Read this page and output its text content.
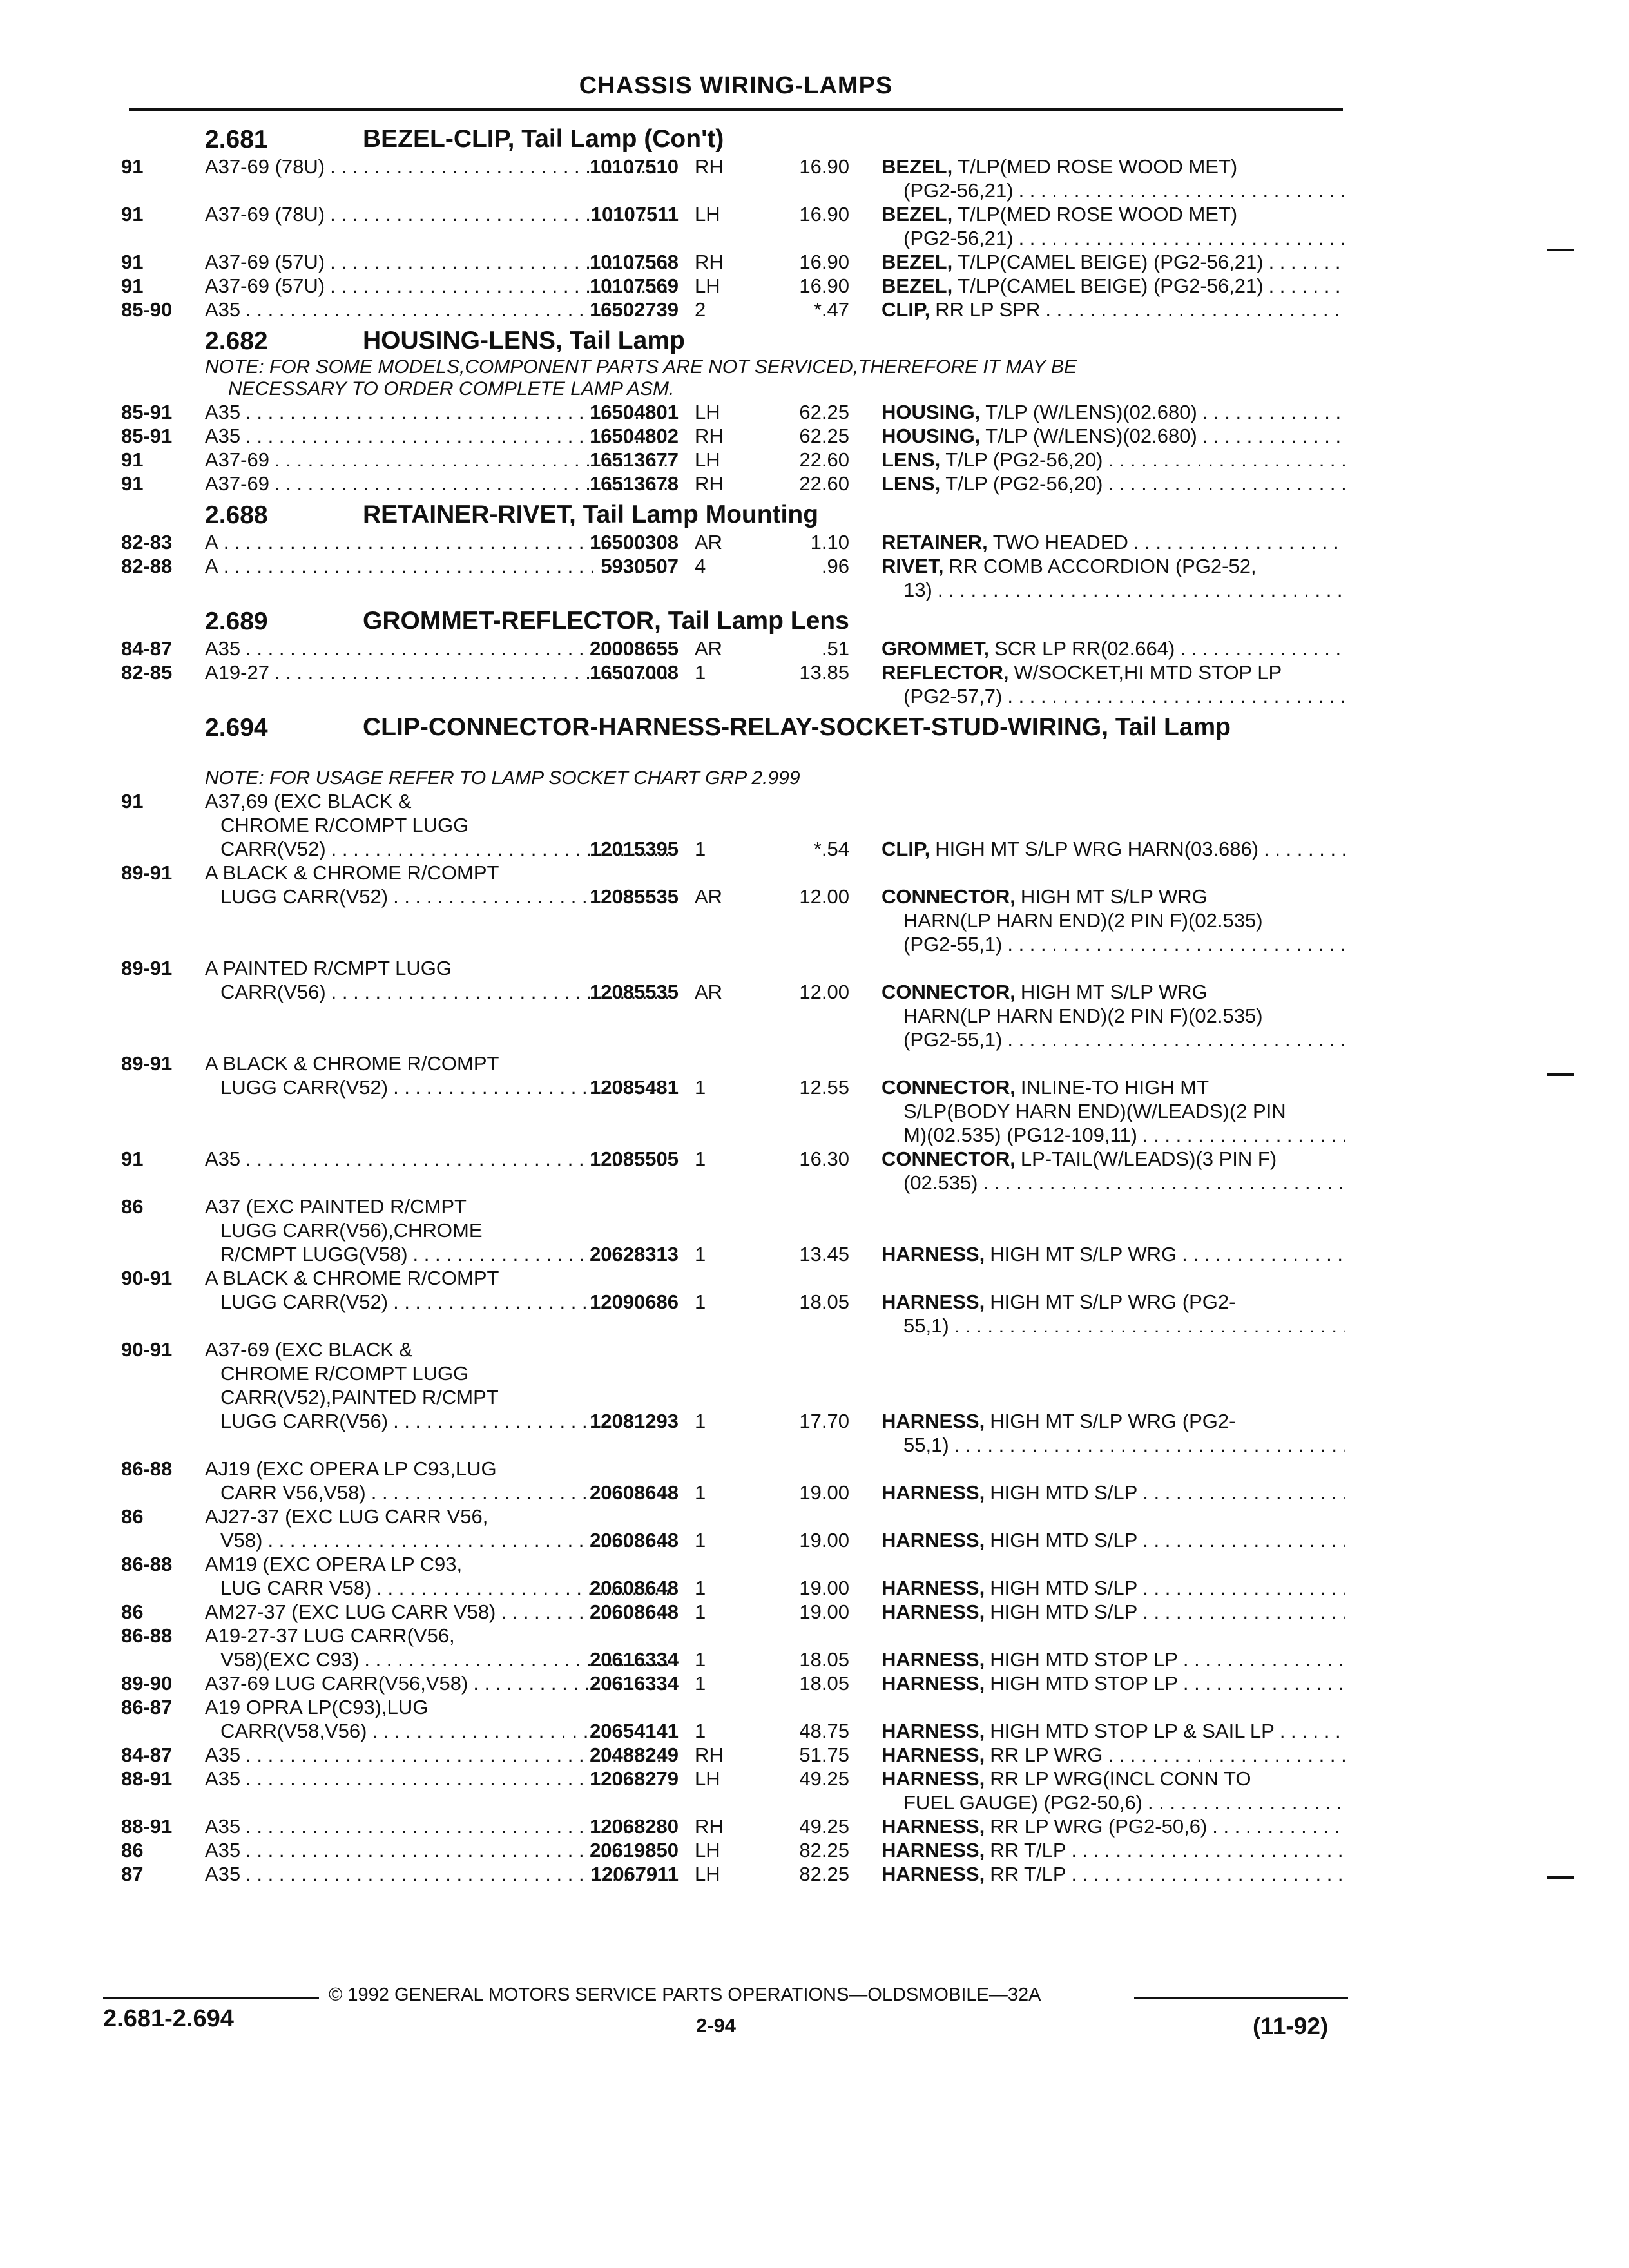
CHASSIS WIRING-LAMPS
2.681	BEZEL-CLIP, Tail Lamp (Con't)
91	A37-69 (78U) . . .	10107510 RH	16.90 BEZEL, T/LP(MED ROSE WOOD MET)
(PG2-56,21)
. . .
91	A37-69 (78U) . . .	10107511 LH	16.90 BEZEL, T/LP(MED ROSE WOOD MET)
(PG2-56,21)
. . .
91	A37-69 (57U) . . .	10107568 RH	16.90 BEZEL, T/LP(CAMEL BEIGE) (PG2-56,21)
. . .
91	A37-69 (57U) . . .	10107569 LH	16.90 BEZEL, T/LP(CAMEL BEIGE) (PG2-56,21)
. . .
85-90	A35 . . .	16502739 2	*.47 CLIP, RR LP SPR
. . .
2.682	HOUSING-LENS, Tail Lamp
NOTE: FOR SOME MODELS,COMPONENT PARTS ARE NOT SERVICED,THEREFORE IT MAY BE
NECESSARY TO ORDER COMPLETE LAMP ASM.
85-91	A35 . . .	16504801 LH	62.25 HOUSING, T/LP (W/LENS)(02.680)
. . .
85-91	A35 . . .	16504802 RH	62.25 HOUSING, T/LP (W/LENS)(02.680)
. . .
91	A37-69 . . .	16513677 LH	22.60 LENS, T/LP (PG2-56,20)
. . .
91	A37-69 . . .	16513678 RH	22.60 LENS, T/LP (PG2-56,20)
. . .
2.688	RETAINER-RIVET, Tail Lamp Mounting
82-83	A . . .	16500308 AR	1.10 RETAINER, TWO HEADED
. . .
82-88	A . . .	5930507 4	.96 RIVET, RR COMB ACCORDION (PG2-52,
13)
. . .
2.689	GROMMET-REFLECTOR, Tail Lamp Lens
84-87	A35 . . .	20008655 AR	.51 GROMMET, SCR LP RR(02.664)
. . .
82-85	A19-27 . . .	16507008 1	13.85 REFLECTOR, W/SOCKET,HI MTD STOP LP
(PG2-57,7)
. . .
2.694	CLIP-CONNECTOR-HARNESS-RELAY-SOCKET-STUD-WIRING, Tail Lamp
NOTE: FOR USAGE REFER TO LAMP SOCKET CHART GRP 2.999
91	A37,69 (EXC BLACK &
CHROME R/COMPT LUGG
CARR(V52) . . .	12015395 1	*.54 CLIP, HIGH MT S/LP WRG HARN(03.686)
. . .
89-91	A BLACK & CHROME R/COMPT
LUGG CARR(V52) . . .	12085535 AR	12.00 CONNECTOR, HIGH MT S/LP WRG
HARN(LP HARN END)(2 PIN F)(02.535)
(PG2-55,1)
. . .
89-91	A PAINTED R/CMPT LUGG
CARR(V56) . . .	12085535 AR	12.00 CONNECTOR, HIGH MT S/LP WRG
HARN(LP HARN END)(2 PIN F)(02.535)
(PG2-55,1)
. . .
89-91	A BLACK & CHROME R/COMPT
LUGG CARR(V52) . . .	12085481 1	12.55 CONNECTOR, INLINE-TO HIGH MT
S/LP(BODY HARN END)(W/LEADS)(2 PIN
M)(02.535) (PG12-109,11)
. . .
91	A35 . . .	12085505 1	16.30 CONNECTOR, LP-TAIL(W/LEADS)(3 PIN F)
(02.535)
. . .
86	A37 (EXC PAINTED R/CMPT
LUGG CARR(V56),CHROME
R/CMPT LUGG(V58) . . .	20628313 1	13.45 HARNESS, HIGH MT S/LP WRG
. . .
90-91	A BLACK & CHROME R/COMPT
LUGG CARR(V52) . . .	12090686 1	18.05 HARNESS, HIGH MT S/LP WRG (PG2-
55,1)
. . .
90-91	A37-69 (EXC BLACK &
CHROME R/COMPT LUGG
CARR(V52),PAINTED R/CMPT
LUGG CARR(V56) . . .	12081293 1	17.70 HARNESS, HIGH MT S/LP WRG (PG2-
55,1)
. . .
86-88	AJ19 (EXC OPERA LP C93,LUG
CARR V56,V58) . . .	20608648 1	19.00 HARNESS, HIGH MTD S/LP
. . .
86	AJ27-37 (EXC LUG CARR V56,
V58) . . .	20608648 1	19.00 HARNESS, HIGH MTD S/LP
. . .
86-88	AM19 (EXC OPERA LP C93,
LUG CARR V58) . . .	20608648 1	19.00 HARNESS, HIGH MTD S/LP
. . .
86	AM27-37 (EXC LUG CARR V58) . . .	20608648 1	19.00 HARNESS, HIGH MTD S/LP
. . .
86-88	A19-27-37 LUG CARR(V56,
V58)(EXC C93) . . .	20616334 1	18.05 HARNESS, HIGH MTD STOP LP
. . .
89-90	A37-69 LUG CARR(V56,V58) . . .	20616334 1	18.05 HARNESS, HIGH MTD STOP LP
. . .
86-87	A19 OPRA LP(C93),LUG
CARR(V58,V56) . . .	20654141 1	48.75 HARNESS, HIGH MTD STOP LP & SAIL LP
. . .
84-87	A35 . . .	20488249 RH	51.75 HARNESS, RR LP WRG
. . .
88-91	A35 . . .	12068279 LH	49.25 HARNESS, RR LP WRG(INCL CONN TO
FUEL GAUGE) (PG2-50,6)
. . .
88-91	A35 . . .	12068280 RH	49.25 HARNESS, RR LP WRG (PG2-50,6)
. . .
86	A35 . . .	20619850 LH	82.25 HARNESS, RR T/LP
. . .
87	A35 . . .	12067911 LH	82.25 HARNESS, RR T/LP
. . .
© 1992 GENERAL MOTORS SERVICE PARTS OPERATIONS—OLDSMOBILE—32A
2.681-2.694	2-94	(11-92)
